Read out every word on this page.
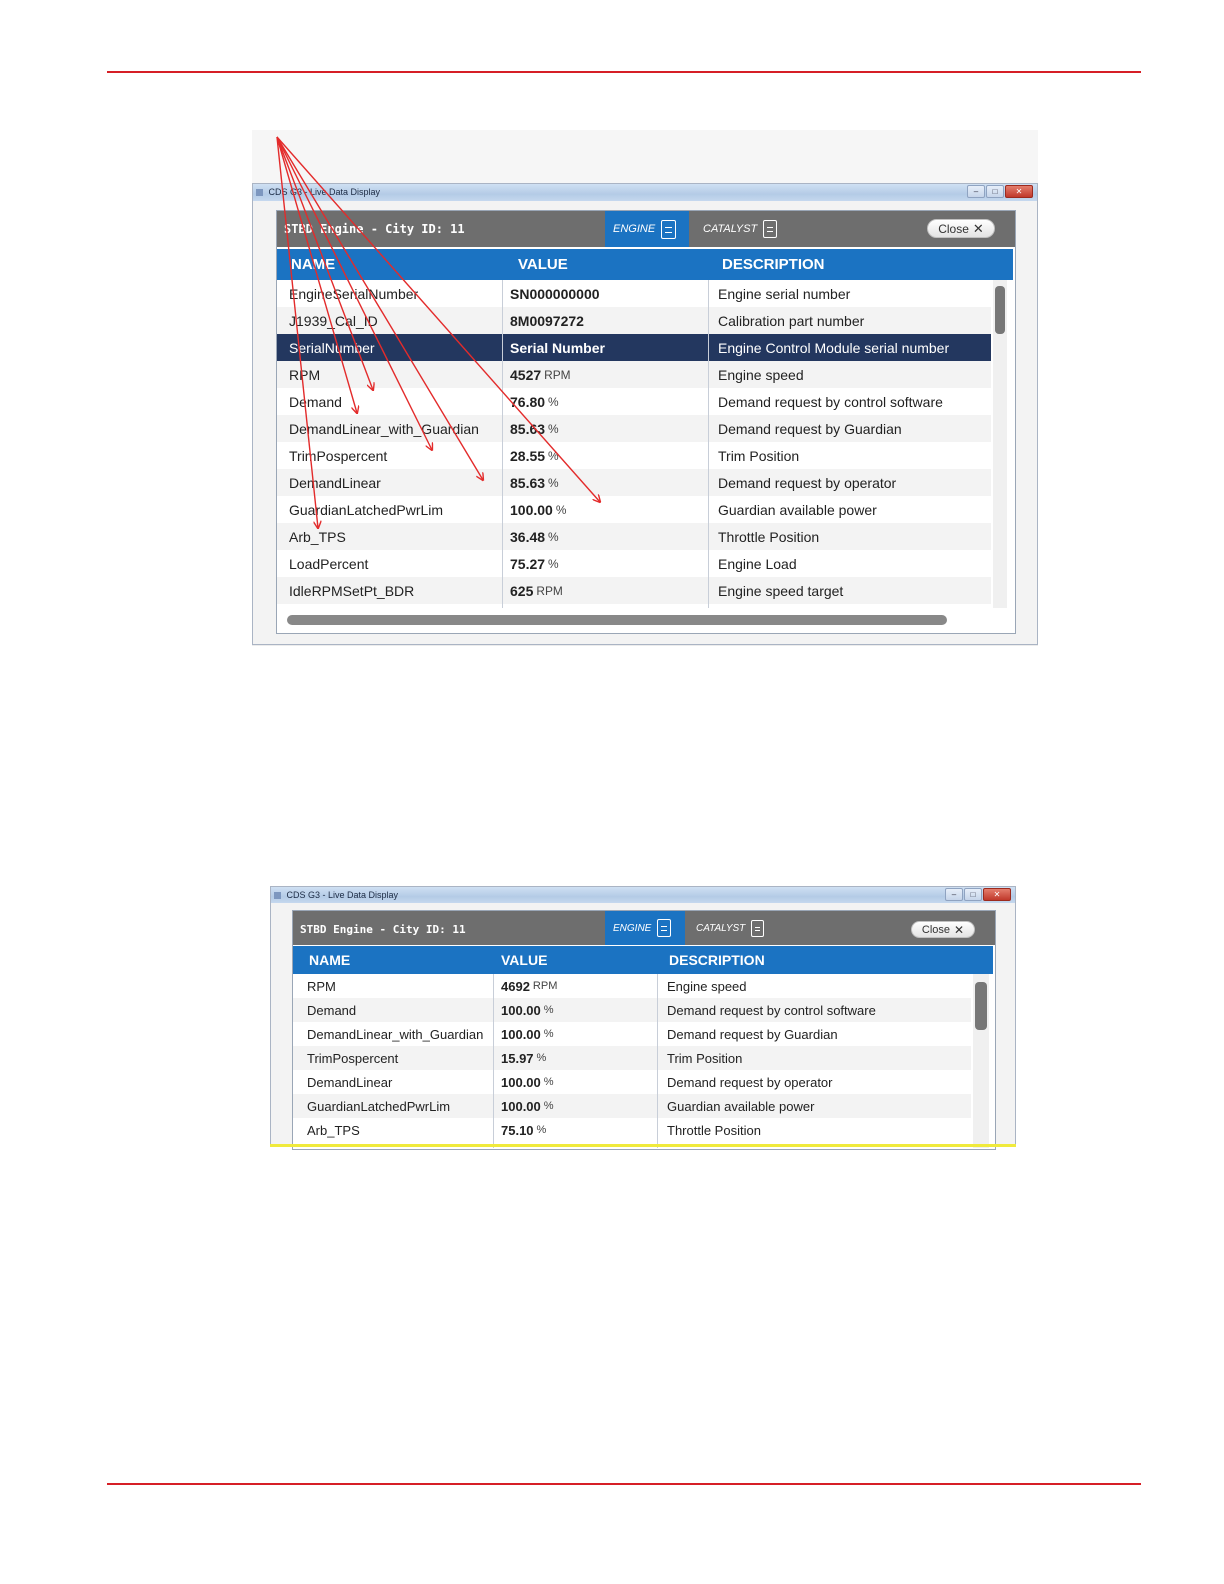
CDS G3 - Live Data Display	–	□	✕
STBD Engine - City ID: 11	ENGINE	CATALYST	Close ✕
NAME	VALUE	DESCRIPTION
EngineSerialNumber	SN000000000	Engine serial number
J1939_Cal_ID	8M0097272	Calibration part number
SerialNumber	Serial Number	Engine Control Module serial number
RPM	4527 RPM	Engine speed
Demand	76.80 %	Demand request by control software
DemandLinear_with_Guardian	85.63 %	Demand request by Guardian
TrimPospercent	28.55 %	Trim Position
DemandLinear	85.63 %	Demand request by operator
GuardianLatchedPwrLim	100.00 %	Guardian available power
Arb_TPS	36.48 %	Throttle Position
LoadPercent	75.27 %	Engine Load
IdleRPMSetPt_BDR	625 RPM	Engine speed target
CDS G3 - Live Data Display	–	□	✕
STBD Engine - City ID: 11	ENGINE	CATALYST	Close ✕
NAME	VALUE	DESCRIPTION
RPM	4692 RPM	Engine speed
Demand	100.00 %	Demand request by control software
DemandLinear_with_Guardian	100.00 %	Demand request by Guardian
TrimPospercent	15.97 %	Trim Position
DemandLinear	100.00 %	Demand request by operator
GuardianLatchedPwrLim	100.00 %	Guardian available power
Arb_TPS	75.10 %	Throttle Position
